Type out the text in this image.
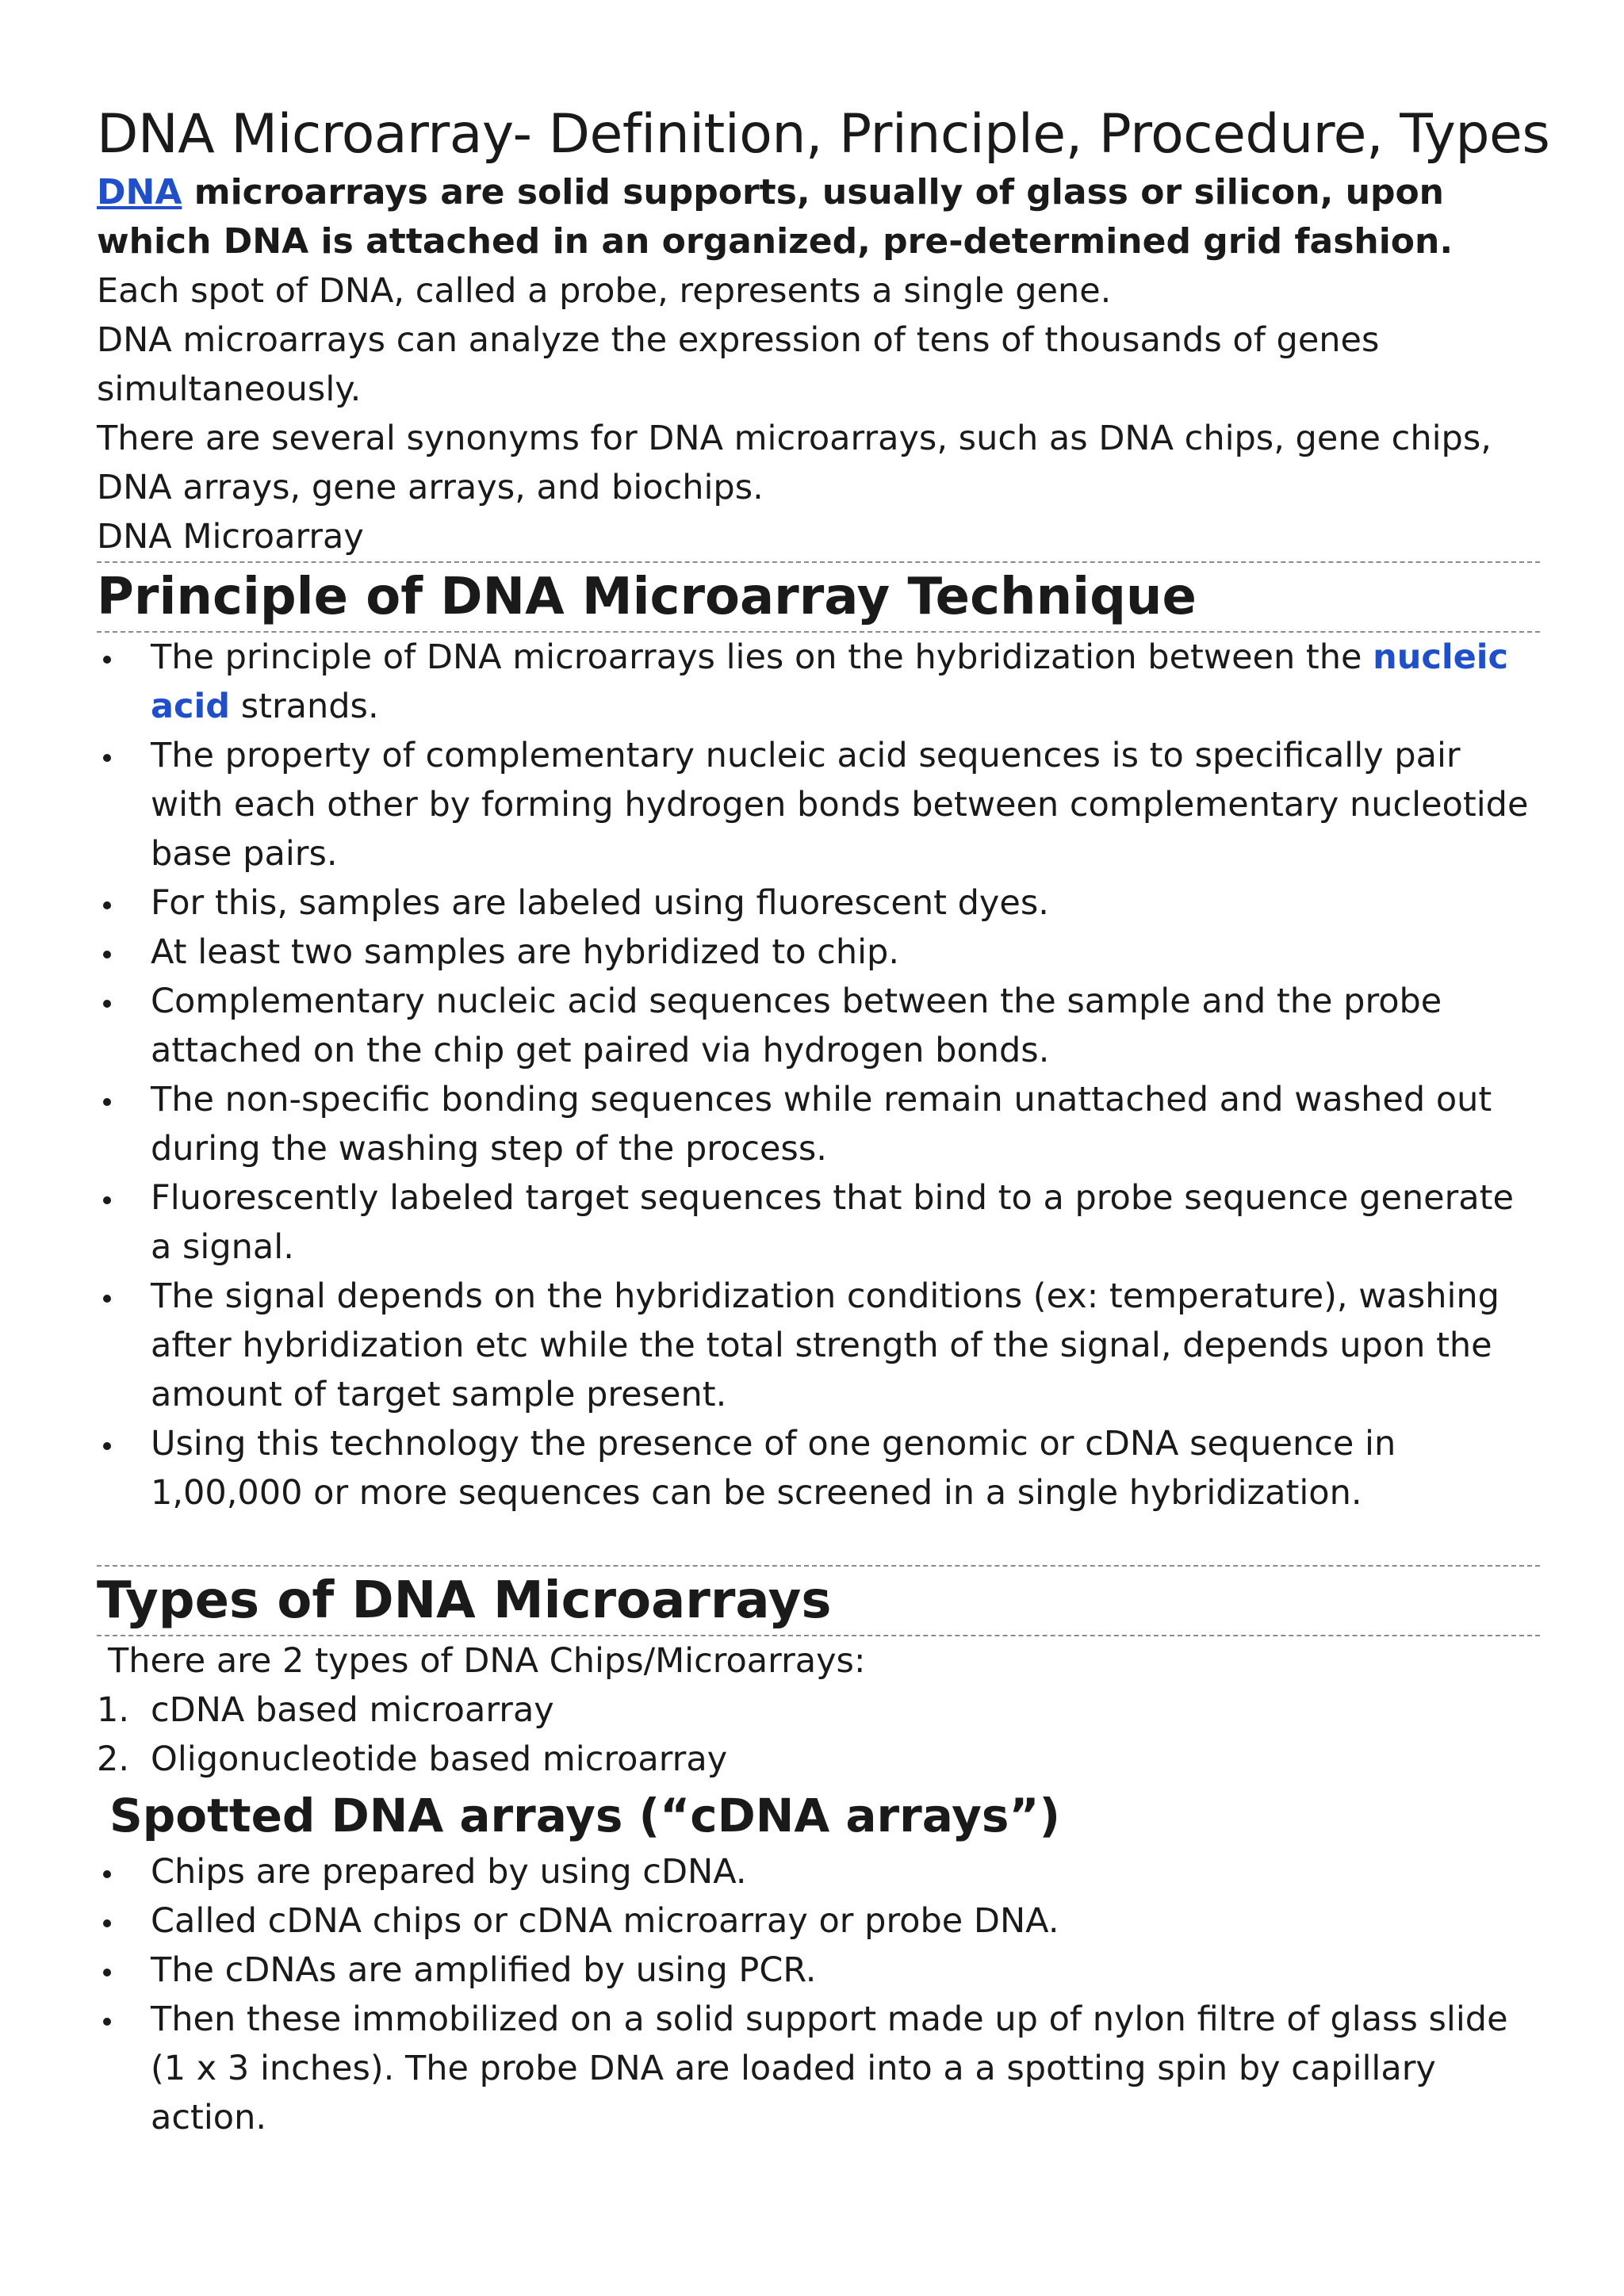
DNA Microarray- Definition, Principle, Procedure, Types

DNA microarrays are solid supports, usually of glass or silicon, upon which DNA is attached in an organized, pre-determined grid fashion.

Each spot of DNA, called a probe, represents a single gene.

DNA microarrays can analyze the expression of tens of thousands of genes simultaneously.

There are several synonyms for DNA microarrays, such as DNA chips, gene chips, DNA arrays, gene arrays, and biochips.

DNA Microarray

Principle of DNA Microarray Technique
The principle of DNA microarrays lies on the hybridization between the nucleic acid strands.
The property of complementary nucleic acid sequences is to specifically pair with each other by forming hydrogen bonds between complementary nucleotide base pairs.
For this, samples are labeled using fluorescent dyes.
At least two samples are hybridized to chip.
Complementary nucleic acid sequences between the sample and the probe attached on the chip get paired via hydrogen bonds.
The non-specific bonding sequences while remain unattached and washed out during the washing step of the process.
Fluorescently labeled target sequences that bind to a probe sequence generate a signal.
The signal depends on the hybridization conditions (ex: temperature), washing after hybridization etc while the total strength of the signal, depends upon the amount of target sample present.
Using this technology the presence of one genomic or cDNA sequence in 1,00,000 or more sequences can be screened in a single hybridization.
Types of DNA Microarrays

There are 2 types of DNA Chips/Microarrays:

1. cDNA based microarray
2. Oligonucleotide based microarray
Spotted DNA arrays (“cDNA arrays”)
Chips are prepared by using cDNA.
Called cDNA chips or cDNA microarray or probe DNA.
The cDNAs are amplified by using PCR.
Then these immobilized on a solid support made up of nylon filtre of glass slide (1 x 3 inches). The probe DNA are loaded into a a spotting spin by capillary action.
